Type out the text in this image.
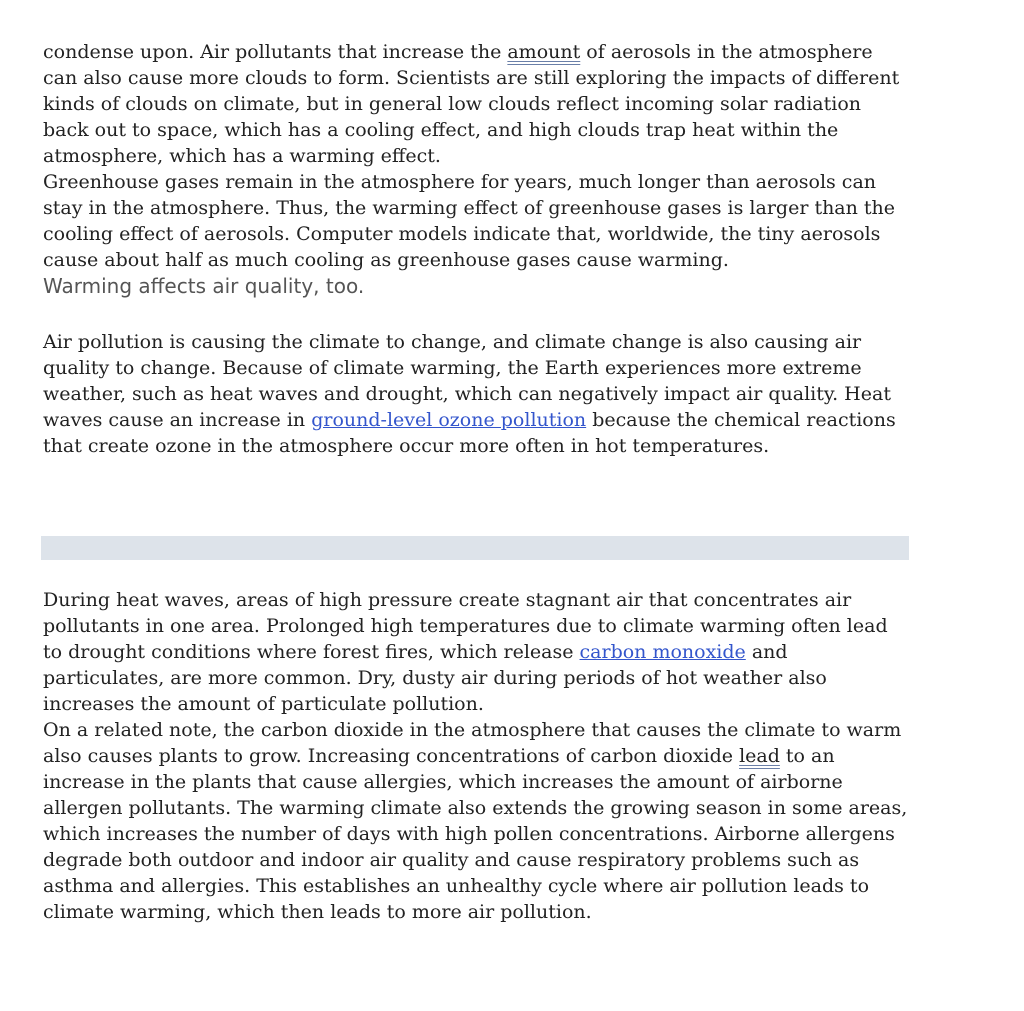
condense upon. Air pollutants that increase the amount of aerosols in the atmosphere can also cause more clouds to form. Scientists are still exploring the impacts of different kinds of clouds on climate, but in general low clouds reflect incoming solar radiation back out to space, which has a cooling effect, and high clouds trap heat within the atmosphere, which has a warming effect.

Greenhouse gases remain in the atmosphere for years, much longer than aerosols can stay in the atmosphere. Thus, the warming effect of greenhouse gases is larger than the cooling effect of aerosols. Computer models indicate that, worldwide, the tiny aerosols cause about half as much cooling as greenhouse gases cause warming.

Warming affects air quality, too.

Air pollution is causing the climate to change, and climate change is also causing air quality to change. Because of climate warming, the Earth experiences more extreme weather, such as heat waves and drought, which can negatively impact air quality. Heat waves cause an increase in ground-level ozone pollution because the chemical reactions that create ozone in the atmosphere occur more often in hot temperatures.

During heat waves, areas of high pressure create stagnant air that concentrates air pollutants in one area. Prolonged high temperatures due to climate warming often lead to drought conditions where forest fires, which release carbon monoxide and particulates, are more common. Dry, dusty air during periods of hot weather also increases the amount of particulate pollution.

On a related note, the carbon dioxide in the atmosphere that causes the climate to warm also causes plants to grow. Increasing concentrations of carbon dioxide lead to an increase in the plants that cause allergies, which increases the amount of airborne allergen pollutants. The warming climate also extends the growing season in some areas, which increases the number of days with high pollen concentrations. Airborne allergens degrade both outdoor and indoor air quality and cause respiratory problems such as asthma and allergies. This establishes an unhealthy cycle where air pollution leads to climate warming, which then leads to more air pollution.
